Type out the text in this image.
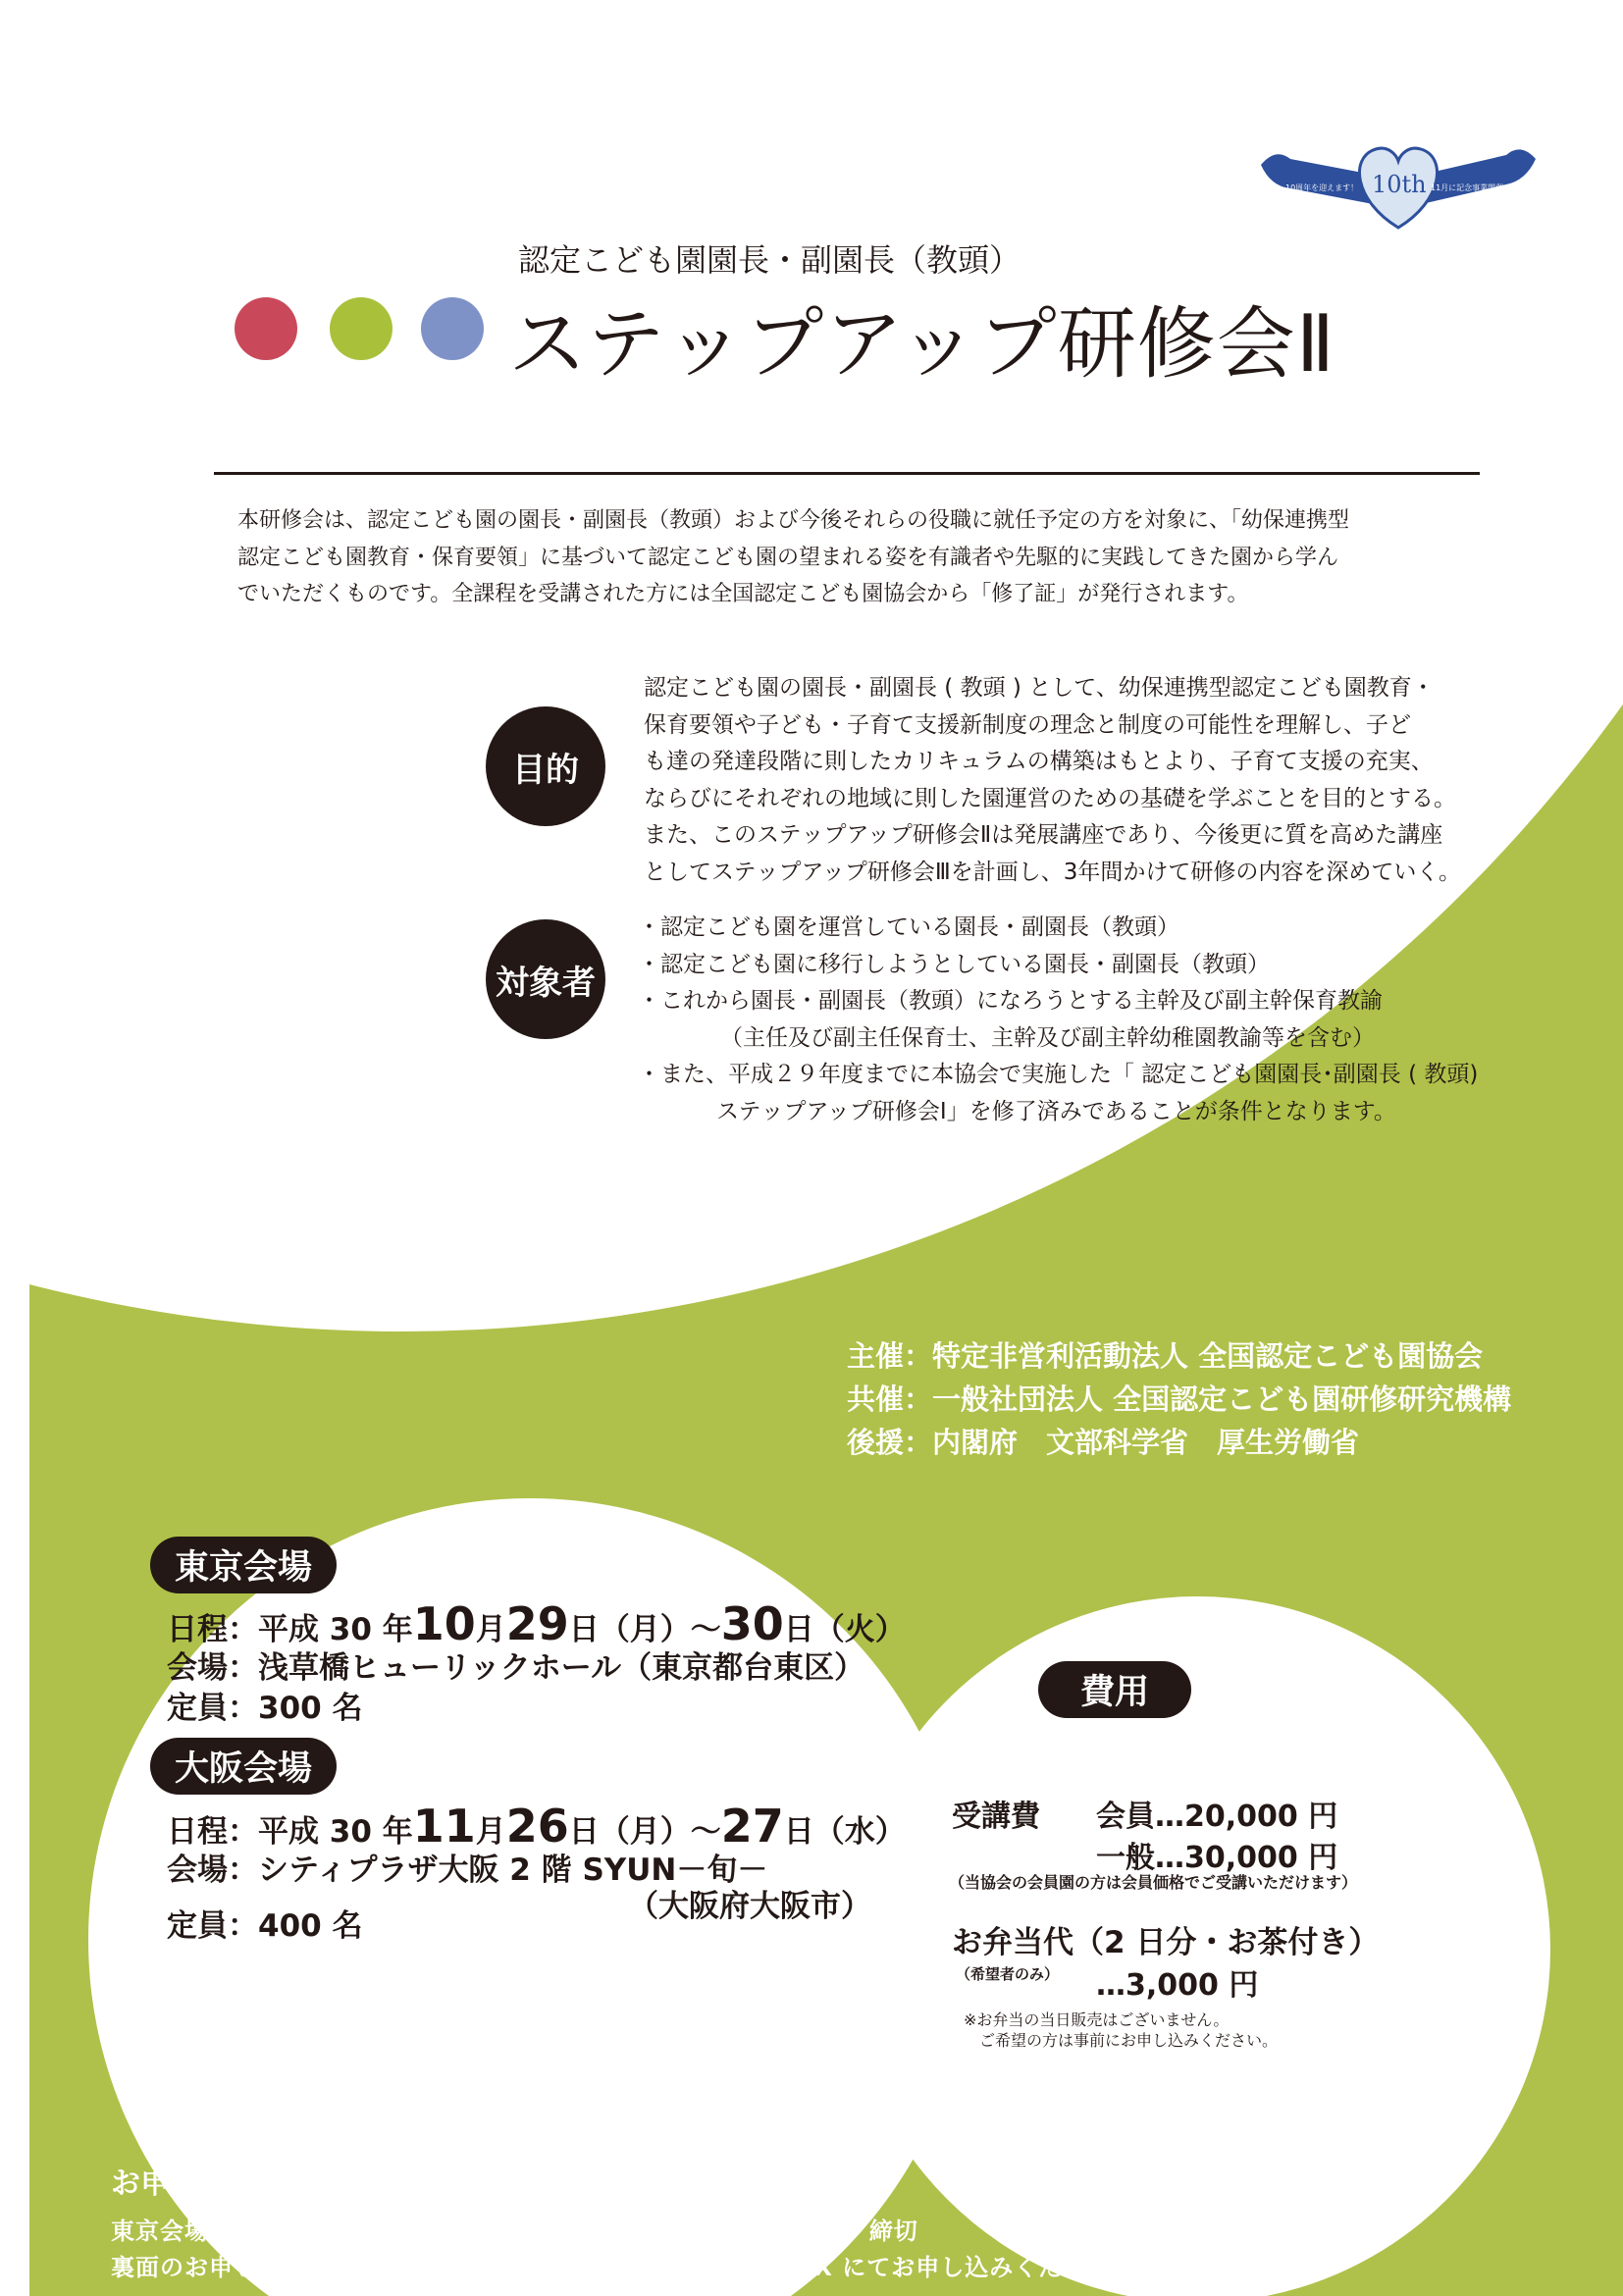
10th
10周年を迎えます！	11月に記念事業開催
認定こども園園長・副園長（教頭）
ステップアップ研修会Ⅱ
本研修会は、認定こども園の園長・副園長（教頭）および今後それらの役職に就任予定の方を対象に、「幼保連携型
認定こども園教育・保育要領」に基づいて認定こども園の望まれる姿を有識者や先駆的に実践してきた園から学ん
でいただくものです。全課程を受講された方には全国認定こども園協会から「修了証」が発行されます。
目的
認定こども園の園長・副園長 ( 教頭 ) として、幼保連携型認定こども園教育・
保育要領や子ども・子育て支援新制度の理念と制度の可能性を理解し、子ど
も達の発達段階に則したカリキュラムの構築はもとより、子育て支援の充実、
ならびにそれぞれの地域に則した園運営のための基礎を学ぶことを目的とする。
また、このステップアップ研修会Ⅱは発展講座であり、今後更に質を高めた講座
としてステップアップ研修会Ⅲを計画し、3年間かけて研修の内容を深めていく。
対象者
・認定こども園を運営している園長・副園長（教頭）
・認定こども園に移行しようとしている園長・副園長（教頭）
・これから園長・副園長（教頭）になろうとする主幹及び副主幹保育教諭
（主任及び副主任保育士、主幹及び副主幹幼稚園教諭等を含む）
・また、平成２９年度までに本協会で実施した「 認定こども園園長･副園長 ( 教頭)
ステップアップ研修会Ⅰ」を修了済みであることが条件となります。
主催：特定非営利活動法人 全国認定こども園協会
共催：一般社団法人 全国認定こども園研修研究機構
後援：内閣府　文部科学省　厚生労働省
東京会場
日程：平成 30 年10月29日（月）～30日（火）
会場：浅草橋ヒューリックホール（東京都台東区）
定員：300 名
大阪会場
日程：平成 30 年11月26日（月）～27日（水）
会場：シティプラザ大阪 2 階 SYUN－旬－
（大阪府大阪市）
定員：400 名
費用
受講費 会員…20,000 円
一般…30,000 円
（当協会の会員園の方は会員価格でご受講いただけます）
お弁当代（2 日分・お茶付き）
（希望者のみ） …3,000 円
※お弁当の当日販売はございません。
ご希望の方は事前にお申し込みください。
お申し込み
東京会場…10 月 15 日（月）締切　大阪会場…11 月 12 日（月）締切
裏面のお申し込み手順をご確認の上、インターネットまたは FAX にてお申し込みください。
